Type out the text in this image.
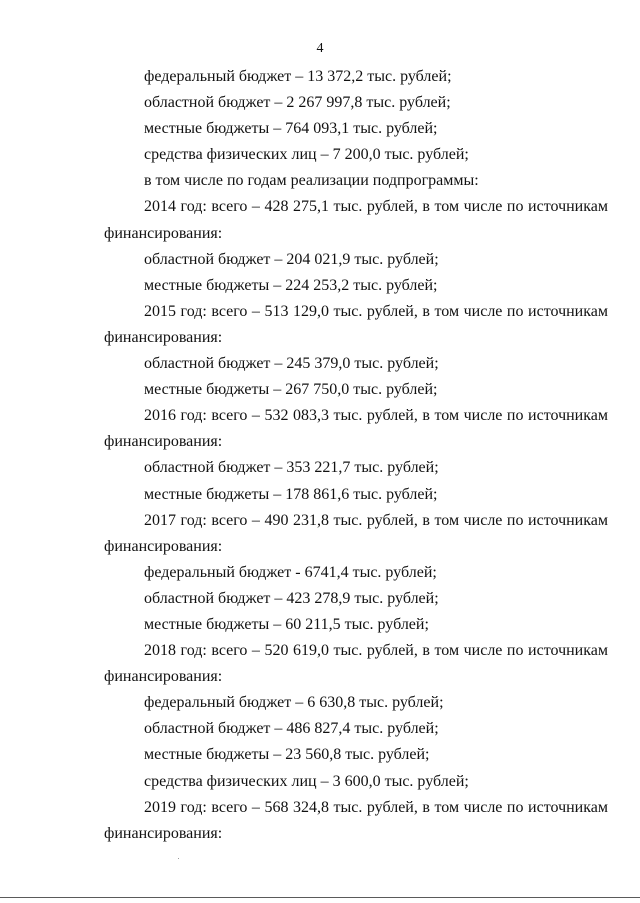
4
федеральный бюджет – 13 372,2 тыс. рублей;
областной бюджет – 2 267 997,8 тыс. рублей;
местные бюджеты – 764 093,1 тыс. рублей;
средства физических лиц – 7 200,0 тыс. рублей;
в том числе по годам реализации подпрограммы:
2014 год: всего – 428 275,1 тыс. рублей, в том числе по источникам
финансирования:
областной бюджет – 204 021,9 тыс. рублей;
местные бюджеты – 224 253,2 тыс. рублей;
2015 год: всего – 513 129,0 тыс. рублей, в том числе по источникам
финансирования:
областной бюджет – 245 379,0 тыс. рублей;
местные бюджеты – 267 750,0 тыс. рублей;
2016 год: всего – 532 083,3 тыс. рублей, в том числе по источникам
финансирования:
областной бюджет – 353 221,7 тыс. рублей;
местные бюджеты – 178 861,6 тыс. рублей;
2017 год: всего – 490 231,8 тыс. рублей, в том числе по источникам
финансирования:
федеральный бюджет - 6741,4 тыс. рублей;
областной бюджет – 423 278,9 тыс. рублей;
местные бюджеты – 60 211,5 тыс. рублей;
2018 год: всего – 520 619,0 тыс. рублей, в том числе по источникам
финансирования:
федеральный бюджет – 6 630,8 тыс. рублей;
областной бюджет – 486 827,4 тыс. рублей;
местные бюджеты – 23 560,8 тыс. рублей;
средства физических лиц – 3 600,0 тыс. рублей;
2019 год: всего – 568 324,8 тыс. рублей, в том числе по источникам
финансирования:
